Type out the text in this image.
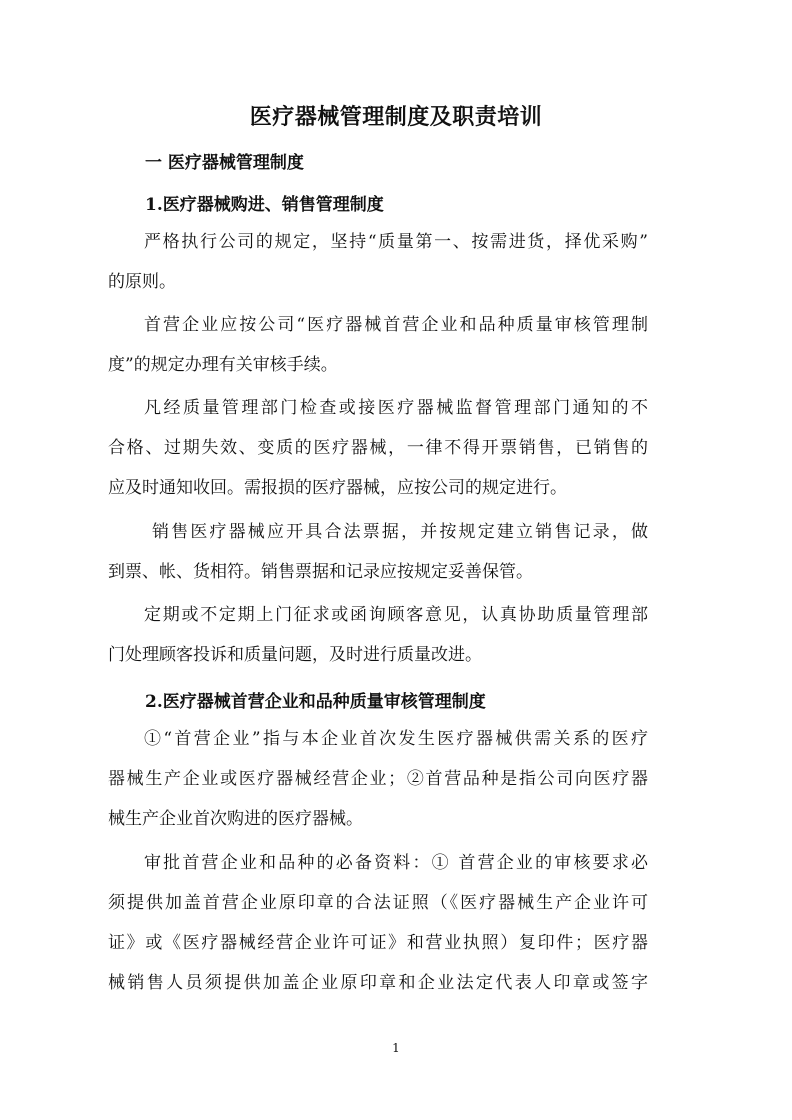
医疗器械管理制度及职责培训
一 医疗器械管理制度
1.医疗器械购进、销售管理制度
严格执行公司的规定，坚持“质量第一、按需进货，择优采购”
的原则。
首营企业应按公司“医疗器械首营企业和品种质量审核管理制
度”的规定办理有关审核手续。
凡经质量管理部门检查或接医疗器械监督管理部门通知的不
合格、过期失效、变质的医疗器械，一律不得开票销售，已销售的
应及时通知收回。需报损的医疗器械，应按公司的规定进行。
销售医疗器械应开具合法票据，并按规定建立销售记录，做
到票、帐、货相符。销售票据和记录应按规定妥善保管。
定期或不定期上门征求或函询顾客意见，认真协助质量管理部
门处理顾客投诉和质量问题，及时进行质量改进。
2.医疗器械首营企业和品种质量审核管理制度
①“首营企业”指与本企业首次发生医疗器械供需关系的医疗
器械生产企业或医疗器械经营企业；②首营品种是指公司向医疗器
械生产企业首次购进的医疗器械。
审批首营企业和品种的必备资料：① 首营企业的审核要求必
须提供加盖首营企业原印章的合法证照（《医疗器械生产企业许可
证》或《医疗器械经营企业许可证》和营业执照）复印件；医疗器
械销售人员须提供加盖企业原印章和企业法定代表人印章或签字
1
